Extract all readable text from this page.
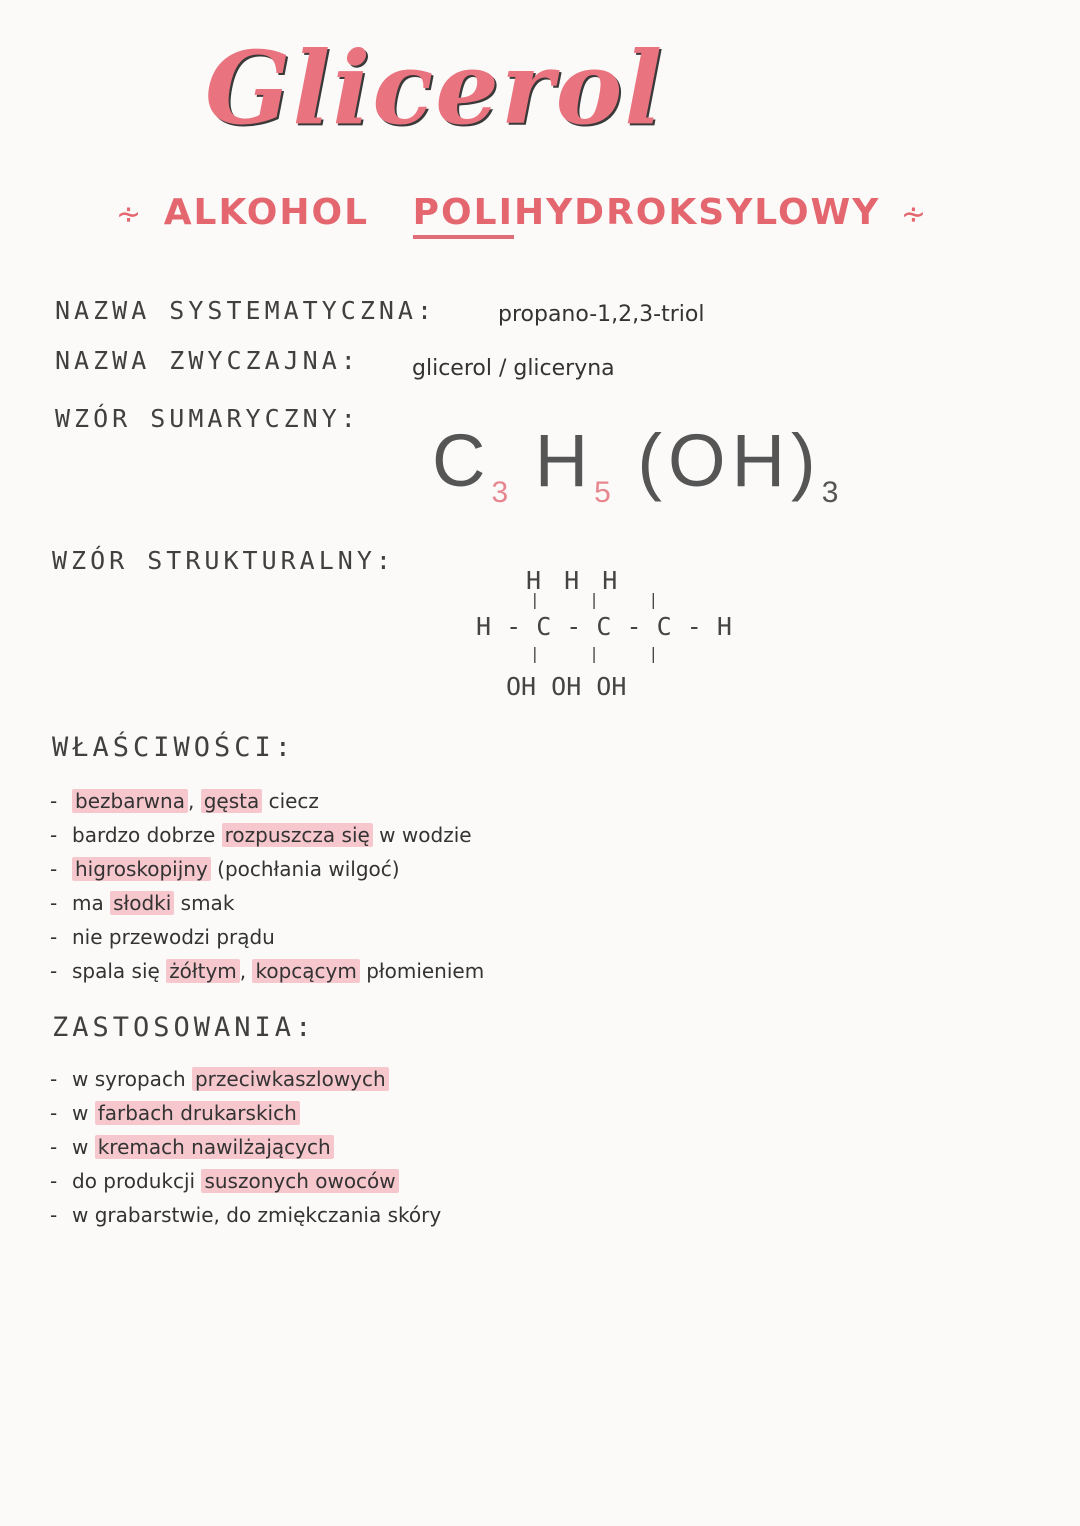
Glicerol
∻ ALKOHOL POLIHYDROKSYLOWY ∻
NAZWA SYSTEMATYCZNA:	propano-1,2,3-triol
NAZWA ZWYCZAJNA: glicerol / gliceryna
WZÓR SUMARYCZNY:
$C_3$ $H_5$ $(OH)_3$
WZÓR STRUKTURALNY:
H H H
| | |
H - C - C - C - H
| | |
OH OH OH
WŁAŚCIWOŚCI:
- bezbarwna , gęsta ciecz
- bardzo dobrze rozpuszcza się w wodzie
- higroskopijny (pochłania wilgoć)
- ma słodki smak
- nie przewodzi prądu
- spala się żółtym , kopcącym płomieniem
ZASTOSOWANIA:
- w syropach przeciwkaszlowych
- w farbach drukarskich
- w kremach nawilżających
- do produkcji suszonych owoców
- w grabarstwie, do zmiękczania skóry
